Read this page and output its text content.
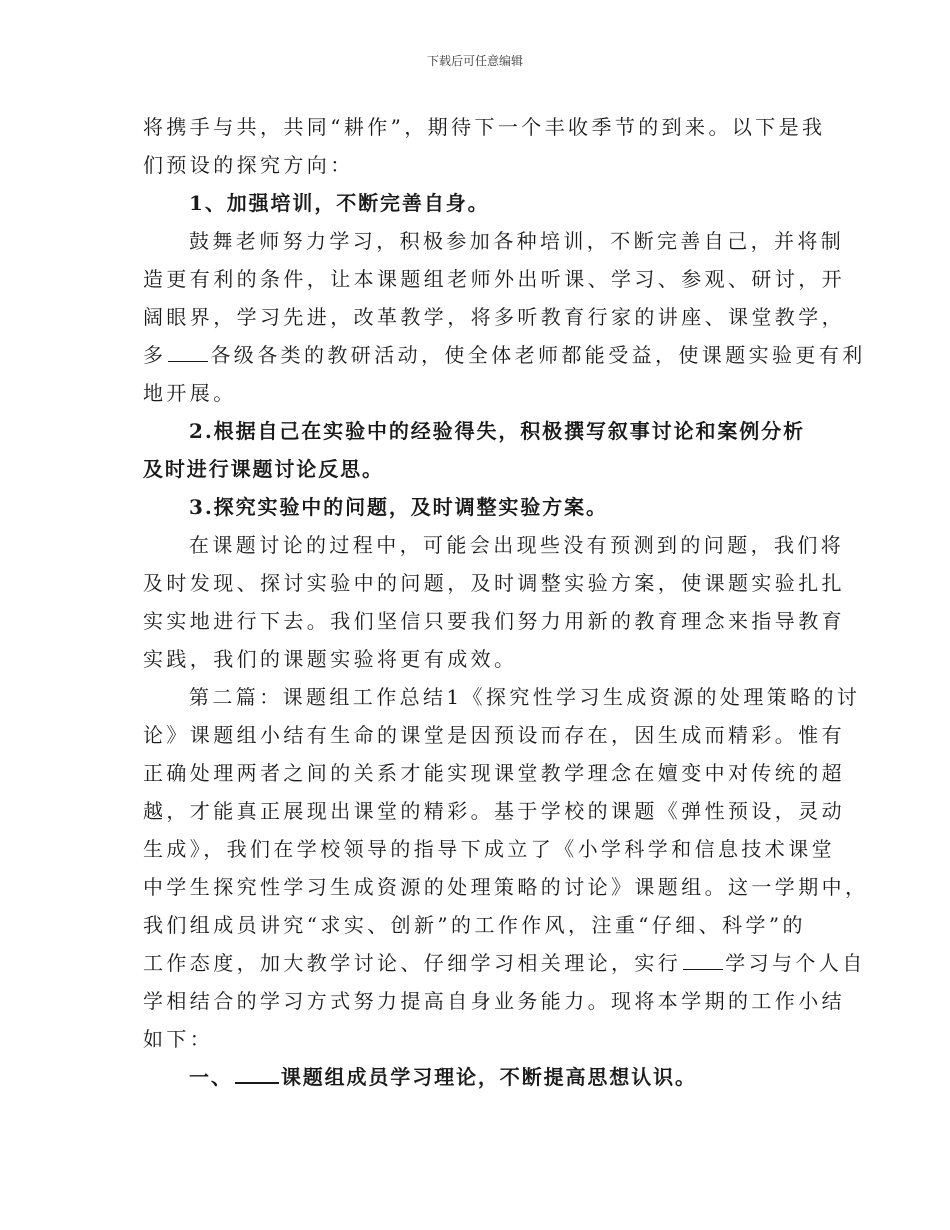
下载后可任意编辑
将携手与共，共同“耕作”，期待下一个丰收季节的到来。以下是我
们预设的探究方向：
1、加强培训，不断完善自身。
鼓舞老师努力学习，积极参加各种培训，不断完善自己，并将制
造更有利的条件，让本课题组老师外出听课、学习、参观、研讨，开
阔眼界，学习先进，改革教学，将多听教育行家的讲座、课堂教学，
多 各级各类的教研活动，使全体老师都能受益，使课题实验更有利
地开展。
2.根据自己在实验中的经验得失，积极撰写叙事讨论和案例分析
及时进行课题讨论反思。
3.探究实验中的问题，及时调整实验方案。
在课题讨论的过程中，可能会出现些没有预测到的问题，我们将
及时发现、探讨实验中的问题，及时调整实验方案，使课题实验扎扎
实实地进行下去。我们坚信只要我们努力用新的教育理念来指导教育
实践，我们的课题实验将更有成效。
第二篇：课题组工作总结1《探究性学习生成资源的处理策略的讨
论》课题组小结有生命的课堂是因预设而存在，因生成而精彩。惟有
正确处理两者之间的关系才能实现课堂教学理念在嬗变中对传统的超
越，才能真正展现出课堂的精彩。基于学校的课题《弹性预设，灵动
生成》，我们在学校领导的指导下成立了《小学科学和信息技术课堂
中学生探究性学习生成资源的处理策略的讨论》课题组。这一学期中，
我们组成员讲究“求实、创新”的工作作风，注重“仔细、科学”的
工作态度，加大教学讨论、仔细学习相关理论，实行 学习与个人自
学相结合的学习方式努力提高自身业务能力。现将本学期的工作小结
如下：
一、 课题组成员学习理论，不断提高思想认识。
